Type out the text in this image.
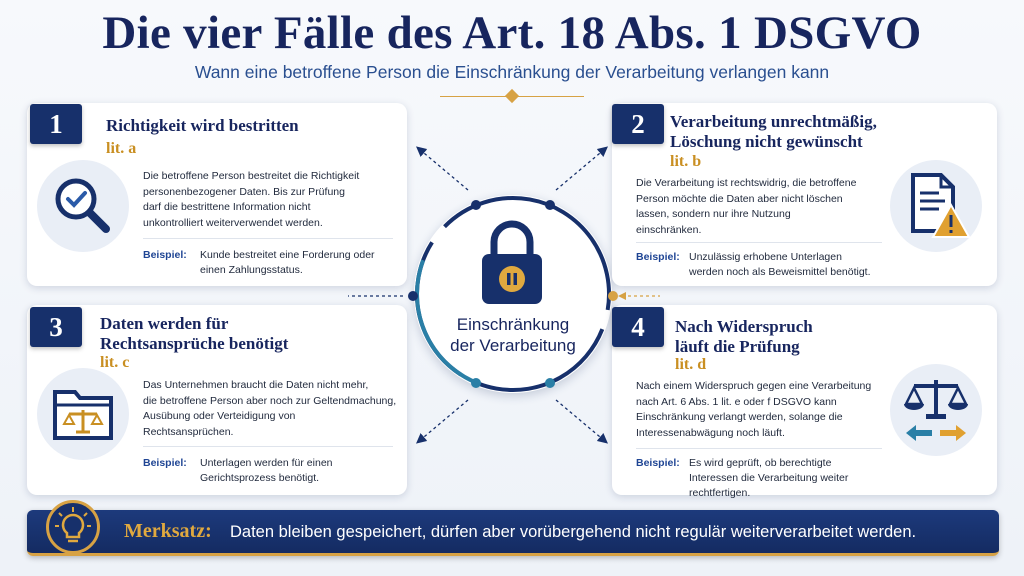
Die vier Fälle des Art. 18 Abs. 1 DSGVO
Wann eine betroffene Person die Einschränkung der Verarbeitung verlangen kann
Einschränkung
der Verarbeitung
1	Richtigkeit wird bestritten
lit. a
Die betroffene Person bestreitet die Richtigkeit
personenbezogener Daten. Bis zur Prüfung
darf die bestrittene Information nicht
unkontrolliert weiterverwendet werden.
Beispiel: Kunde bestreitet eine Forderung oder
einen Zahlungsstatus.
2	Verarbeitung unrechtmäßig,
Löschung nicht gewünscht
lit. b
Die Verarbeitung ist rechtswidrig, die betroffene
Person möchte die Daten aber nicht löschen
lassen, sondern nur ihre Nutzung
einschränken.
Beispiel: Unzulässig erhobene Unterlagen
werden noch als Beweismittel benötigt.
3	Daten werden für
Rechtsansprüche benötigt
lit. c
Das Unternehmen braucht die Daten nicht mehr,
die betroffene Person aber noch zur Geltendmachung,
Ausübung oder Verteidigung von
Rechtsansprüchen.
Beispiel: Unterlagen werden für einen
Gerichtsprozess benötigt.
4	Nach Widerspruch
läuft die Prüfung
lit. d
Nach einem Widerspruch gegen eine Verarbeitung
nach Art. 6 Abs. 1 lit. e oder f DSGVO kann
Einschränkung verlangt werden, solange die
Interessenabwägung noch läuft.
Beispiel: Es wird geprüft, ob berechtigte
Interessen die Verarbeitung weiter rechtfertigen.
Merksatz: Daten bleiben gespeichert, dürfen aber vorübergehend nicht regulär weiterverarbeitet werden.
